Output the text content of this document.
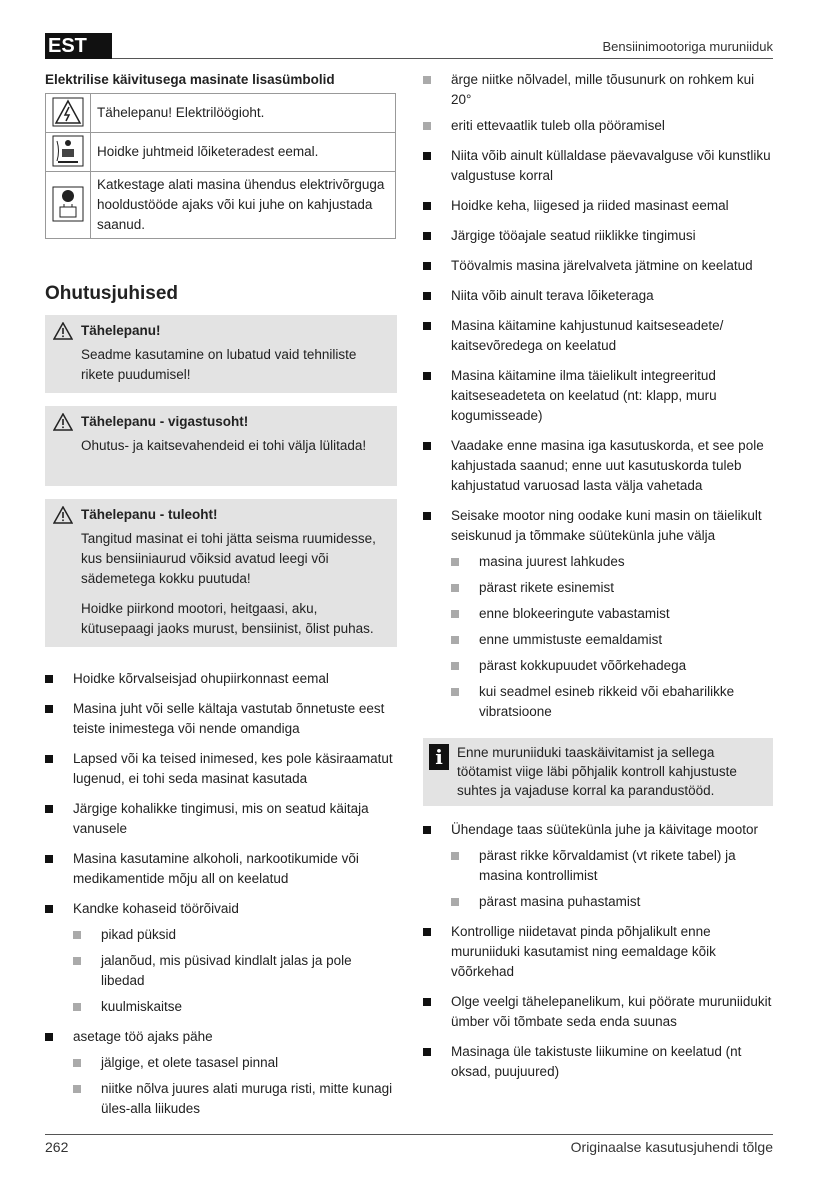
EST	Bensiinimootoriga muruniiduk
Elektrilise käivitusega masinate lisasümbolid
	Tähelepanu! Elektrilöögioht.
	Hoidke juhtmeid lõiketeradest eemal.
	Katkestage alati masina ühendus elektrivõrguga hooldustööde ajaks või kui juhe on kahjustada saanud.
Ohutusjuhised
Tähelepanu!

Seadme kasutamine on lubatud vaid tehniliste rikete puudumisel!

Tähelepanu - vigastusoht!

Ohutus- ja kaitsevahendeid ei tohi välja lülitada!

Tähelepanu - tuleoht!

Tangitud masinat ei tohi jätta seisma ruumidesse, kus bensiiniaurud võiksid avatud leegi või sädemetega kokku puutuda!

Hoidke piirkond mootori, heitgaasi, aku, kütusepaagi jaoks murust, bensiinist, õlist puhas.

Hoidke kõrvalseisjad ohupiirkonnast eemal
Masina juht või selle kältaja vastutab õnnetuste eest teiste inimestega või nende omandiga
Lapsed või ka teised inimesed, kes pole käsiraamatut lugenud, ei tohi seda masinat kasutada
Järgige kohalikke tingimusi, mis on seatud käitaja vanusele
Masina kasutamine alkoholi, narkootikumide või medikamentide mõju all on keelatud
Kandke kohaseid töörõivaid
pikad püksid
jalanõud, mis püsivad kindlalt jalas ja pole libedad
kuulmiskaitse
asetage töö ajaks pähe
jälgige, et olete tasasel pinnal
niitke nõlva juures alati muruga risti, mitte kunagi üles-alla liikudes
ärge niitke nõlvadel, mille tõusunurk on rohkem kui 20°
eriti ettevaatlik tuleb olla pööramisel
Niita võib ainult küllaldase päevavalguse või kunstliku valgustuse korral
Hoidke keha, liigesed ja riided masinast eemal
Järgige tööajale seatud riiklikke tingimusi
Töövalmis masina järelvalveta jätmine on keelatud
Niita võib ainult terava lõiketeraga
Masina käitamine kahjustunud kaitseseadete/ kaitsevõredega on keelatud
Masina käitamine ilma täielikult integreeritud kaitseseadeteta on keelatud (nt: klapp, muru kogumisseade)
Vaadake enne masina iga kasutuskorda, et see pole kahjustada saanud; enne uut kasutuskorda tuleb kahjustatud varuosad lasta välja vahetada
Seisake mootor ning oodake kuni masin on täielikult seiskunud ja tõmmake süütekünla juhe välja
masina juurest lahkudes
pärast rikete esinemist
enne blokeeringute vabastamist
enne ummistuste eemaldamist
pärast kokkupuudet võõrkehadega
kui seadmel esineb rikkeid või ebaharilikke vibratsioone
i	Enne muruniiduki taaskäivitamist ja sellega töötamist viige läbi põhjalik kontroll kahjustuste suhtes ja vajaduse korral ka parandustööd.
Ühendage taas süütekünla juhe ja käivitage mootor
pärast rikke kõrvaldamist (vt rikete tabel) ja masina kontrollimist
pärast masina puhastamist
Kontrollige niidetavat pinda põhjalikult enne muruniiduki kasutamist ning eemaldage kõik võõrkehad
Olge veelgi tähelepanelikum, kui pöörate muruniidukit ümber või tõmbate seda enda suunas
Masinaga üle takistuste liikumine on keelatud (nt oksad, puujuured)
262	Originaalse kasutusjuhendi tõlge
